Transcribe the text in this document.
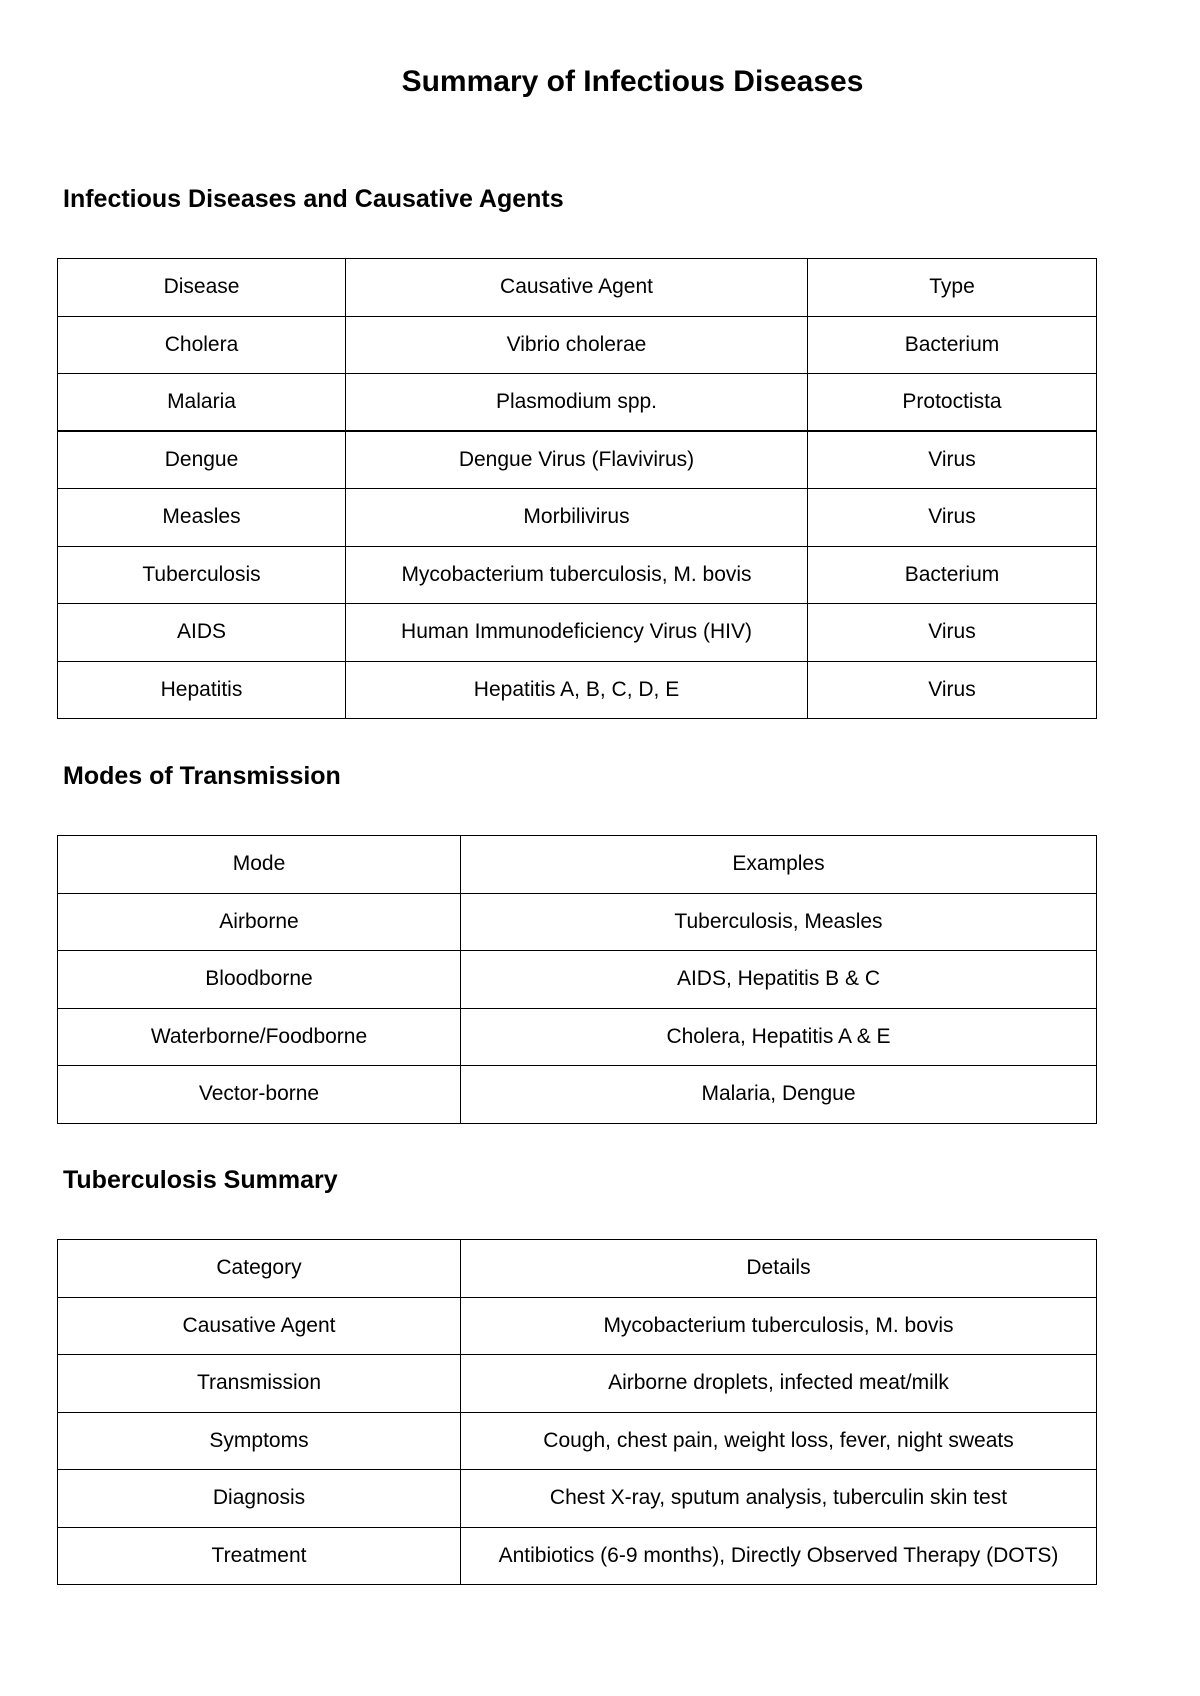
Summary of Infectious Diseases
Infectious Diseases and Causative Agents
Disease	Causative Agent	Type
Cholera	Vibrio cholerae	Bacterium
Malaria	Plasmodium spp.	Protoctista
Dengue	Dengue Virus (Flavivirus)	Virus
Measles	Morbilivirus	Virus
Tuberculosis	Mycobacterium tuberculosis, M. bovis	Bacterium
AIDS	Human Immunodeficiency Virus (HIV)	Virus
Hepatitis	Hepatitis A, B, C, D, E	Virus
Modes of Transmission
Mode	Examples
Airborne	Tuberculosis, Measles
Bloodborne	AIDS, Hepatitis B & C
Waterborne/Foodborne	Cholera, Hepatitis A & E
Vector-borne	Malaria, Dengue
Tuberculosis Summary
Category	Details
Causative Agent	Mycobacterium tuberculosis, M. bovis
Transmission	Airborne droplets, infected meat/milk
Symptoms	Cough, chest pain, weight loss, fever, night sweats
Diagnosis	Chest X-ray, sputum analysis, tuberculin skin test
Treatment	Antibiotics (6-9 months), Directly Observed Therapy (DOTS)
